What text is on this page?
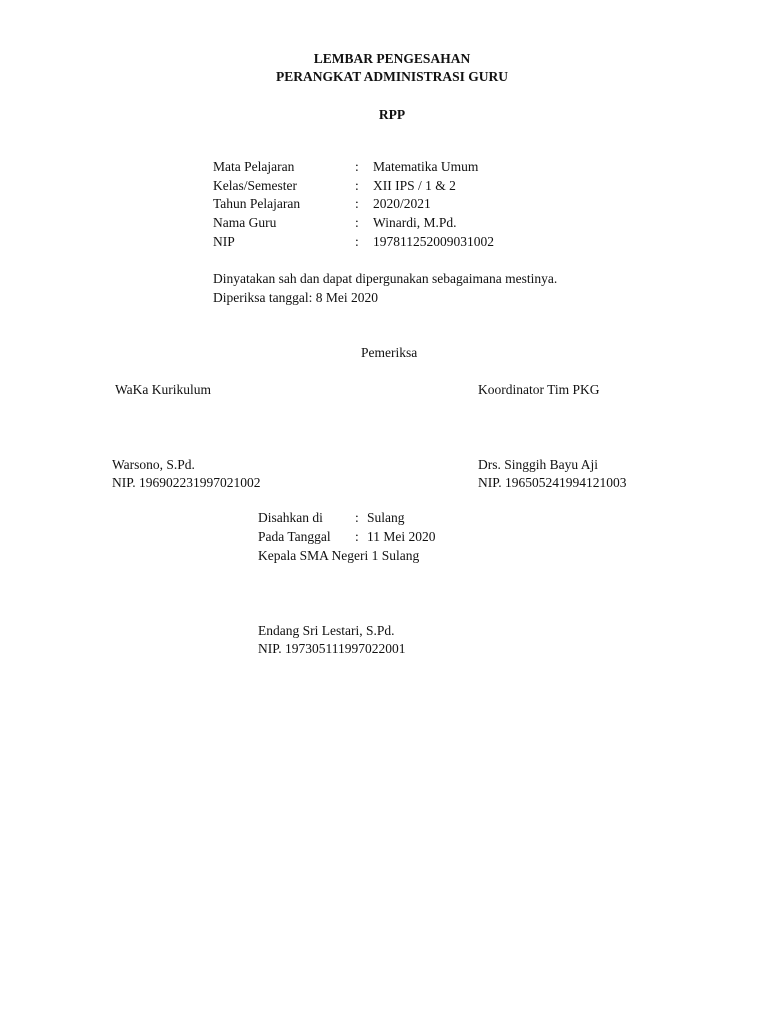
LEMBAR PENGESAHAN
PERANGKAT ADMINISTRASI GURU
RPP
Mata Pelajaran	:	Matematika Umum
Kelas/Semester	:	XII IPS / 1 & 2
Tahun Pelajaran	:	2020/2021
Nama Guru	:	Winardi, M.Pd.
NIP	:	197811252009031002
Dinyatakan sah dan dapat dipergunakan sebagaimana mestinya.
Diperiksa tanggal: 8 Mei 2020
Pemeriksa
WaKa Kurikulum
Warsono, S.Pd.
NIP. 196902231997021002
Koordinator Tim PKG
Drs. Singgih Bayu Aji
NIP. 196505241994121003
Disahkan di	:	Sulang
Pada Tanggal	:	11 Mei 2020
Kepala SMA Negeri 1 Sulang
Endang Sri Lestari, S.Pd.
NIP. 197305111997022001
